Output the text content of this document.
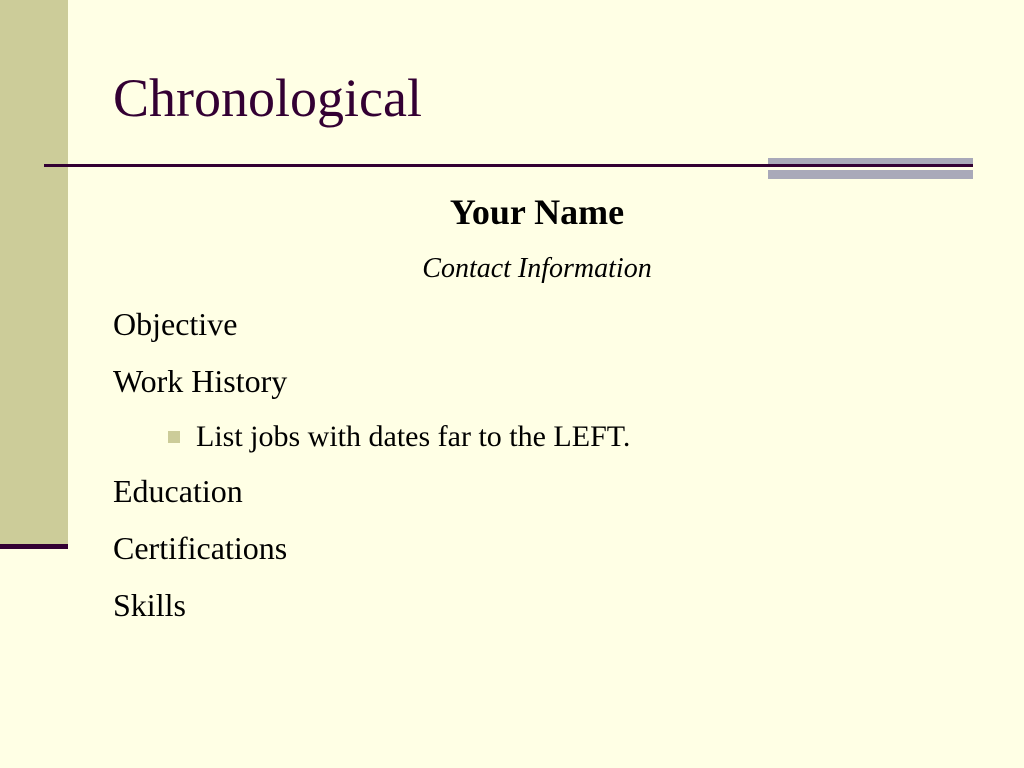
Chronological
Your Name
Contact Information
Objective
Work History
List jobs with dates far to the LEFT.
Education
Certifications
Skills
